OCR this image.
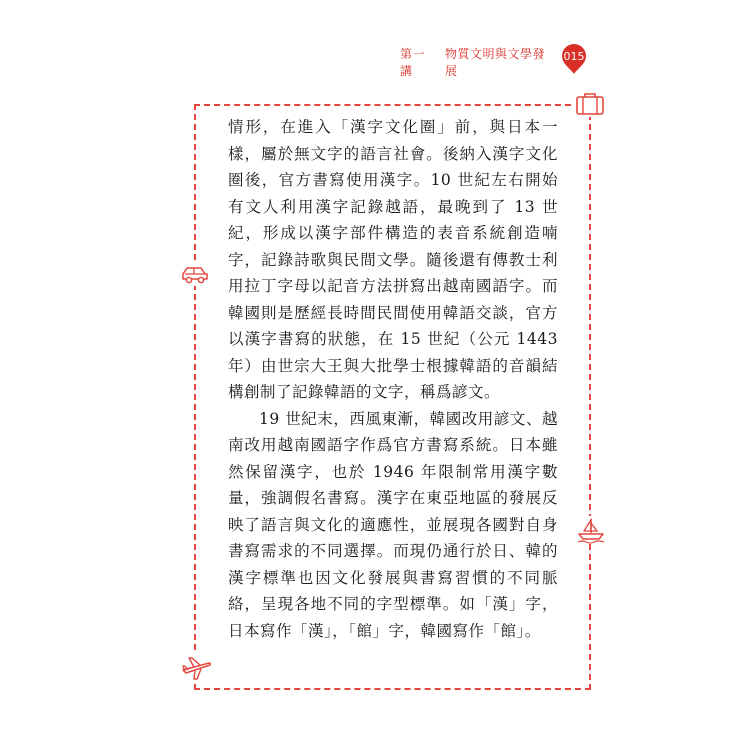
第一講
物質文明與文學發展
015

情形，在進入「漢字文化圈」前，與日本一樣，屬於無文字的語言社會。後納入漢字文化圈後，官方書寫使用漢字。10 世紀左右開始有文人利用漢字記錄越語，最晚到了 13 世紀，形成以漢字部件構造的表音系統創造喃字，記錄詩歌與民間文學。隨後還有傳教士利用拉丁字母以記音方法拼寫出越南國語字。而韓國則是歷經長時間民間使用韓語交談，官方以漢字書寫的狀態，在 15 世紀（公元 1443 年）由世宗大王與大批學士根據韓語的音韻結構創制了記錄韓語的文字，稱爲諺文。

19 世紀末，西風東漸，韓國改用諺文、越南改用越南國語字作爲官方書寫系統。日本雖然保留漢字，也於 1946 年限制常用漢字數量，強調假名書寫。漢字在東亞地區的發展反映了語言與文化的適應性，並展現各國對自身書寫需求的不同選擇。而現仍通行於日、韓的漢字標準也因文化發展與書寫習慣的不同脈絡，呈現各地不同的字型標準。如「漢」字，日本寫作「漢」，「館」字，韓國寫作「館」。
